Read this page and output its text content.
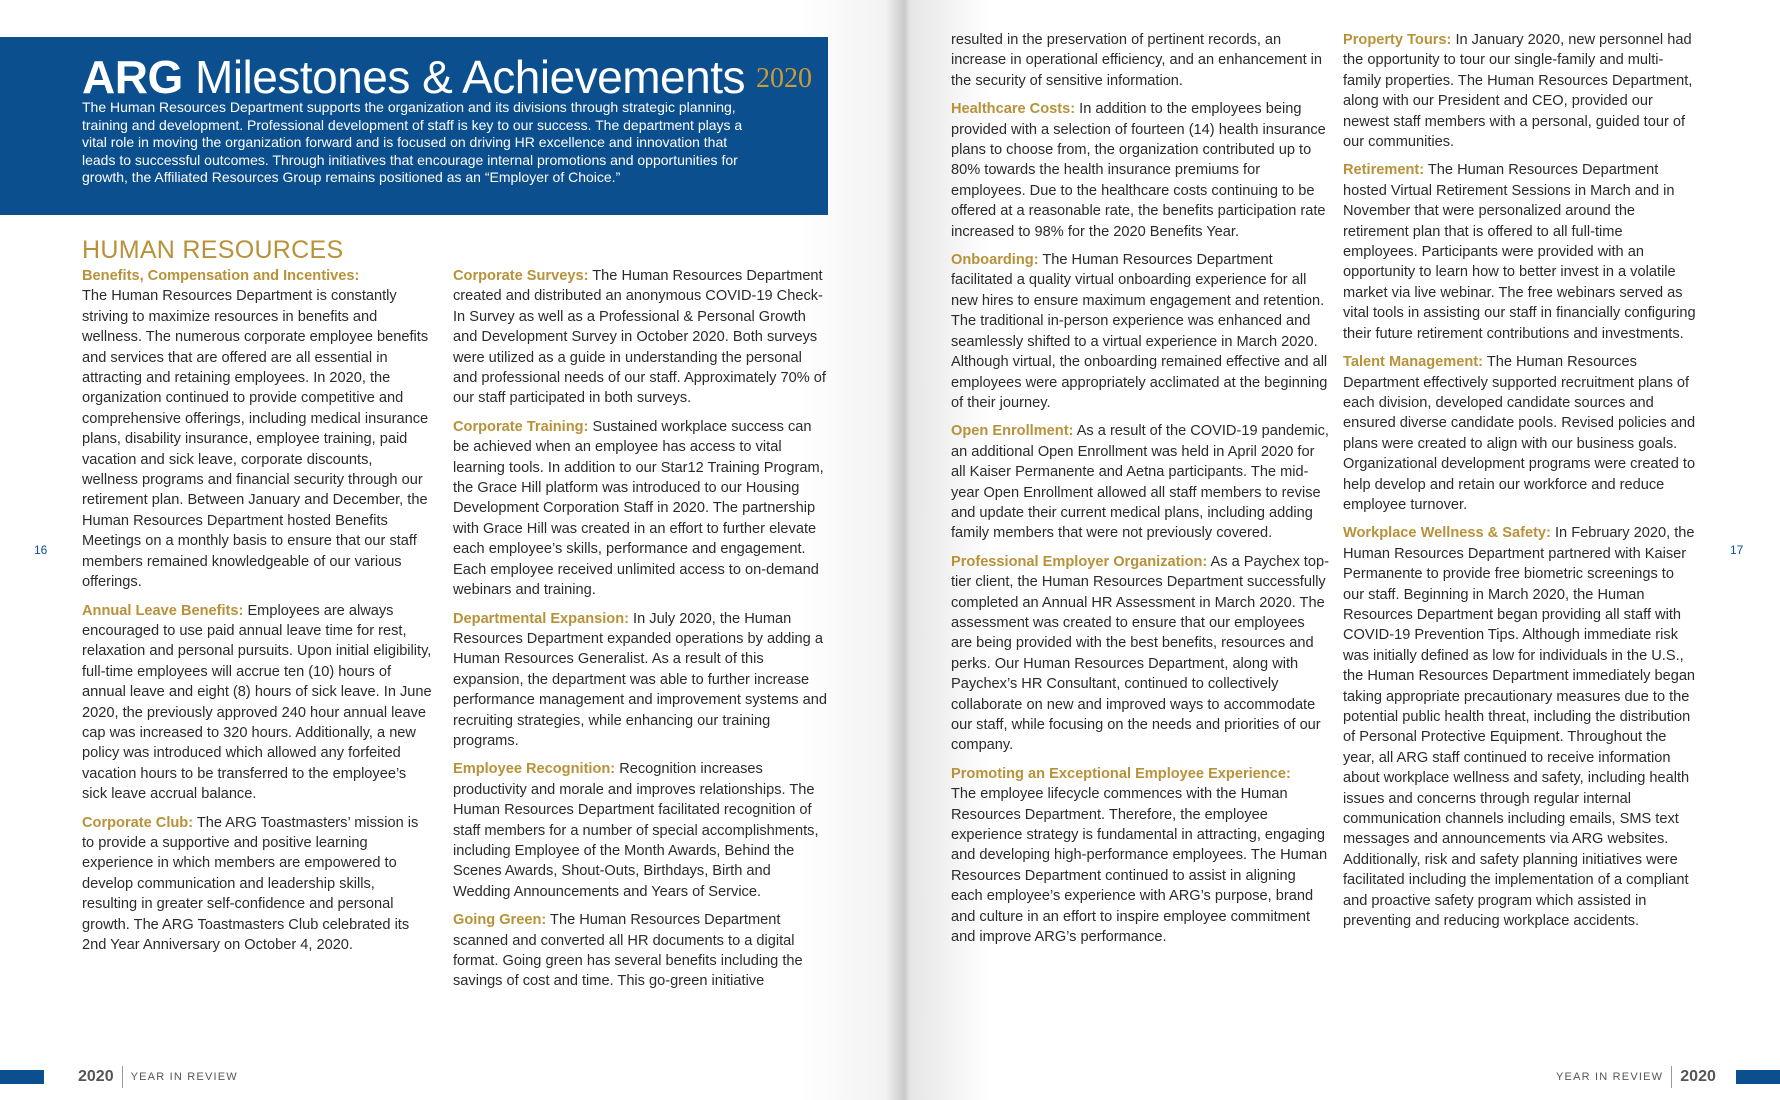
ARG Milestones & Achievements 2020
The Human Resources Department supports the organization and its divisions through strategic planning, training and development. Professional development of staff is key to our success. The department plays a vital role in moving the organization forward and is focused on driving HR excellence and innovation that leads to successful outcomes. Through initiatives that encourage internal promotions and opportunities for growth, the Affiliated Resources Group remains positioned as an “Employer of Choice.”
HUMAN RESOURCES

Benefits, Compensation and Incentives:
The Human Resources Department is constantly striving to maximize resources in benefits and wellness. The numerous corporate employee benefits and services that are offered are all essential in attracting and retaining employees. In 2020, the organization continued to provide competitive and comprehensive offerings, including medical insurance plans, disability insurance, employee training, paid vacation and sick leave, corporate discounts, wellness programs and financial security through our retirement plan. Between January and December, the Human Resources Department hosted Benefits Meetings on a monthly basis to ensure that our staff members remained knowledgeable of our various offerings.

Annual Leave Benefits: Employees are always encouraged to use paid annual leave time for rest, relaxation and personal pursuits. Upon initial eligibility, full-time employees will accrue ten (10) hours of annual leave and eight (8) hours of sick leave. In June 2020, the previously approved 240 hour annual leave cap was increased to 320 hours. Additionally, a new policy was introduced which allowed any forfeited vacation hours to be transferred to the employee’s sick leave accrual balance.

Corporate Club: The ARG Toastmasters’ mission is to provide a supportive and positive learning experience in which members are empowered to develop communication and leadership skills, resulting in greater self-confidence and personal growth. The ARG Toastmasters Club celebrated its 2nd Year Anniversary on October 4, 2020.

Corporate Surveys: The Human Resources Department created and distributed an anonymous COVID-19 Check-In Survey as well as a Professional & Personal Growth and Development Survey in October 2020. Both surveys were utilized as a guide in understanding the personal and professional needs of our staff. Approximately 70% of our staff participated in both surveys.

Corporate Training: Sustained workplace success can be achieved when an employee has access to vital learning tools. In addition to our Star12 Training Program, the Grace Hill platform was introduced to our Housing Development Corporation Staff in 2020. The partnership with Grace Hill was created in an effort to further elevate each employee’s skills, performance and engagement. Each employee received unlimited access to on-demand webinars and training.

Departmental Expansion: In July 2020, the Human Resources Department expanded operations by adding a Human Resources Generalist. As a result of this expansion, the department was able to further increase performance management and improvement systems and recruiting strategies, while enhancing our training programs.

Employee Recognition: Recognition increases productivity and morale and improves relationships. The Human Resources Department facilitated recognition of staff members for a number of special accomplishments, including Employee of the Month Awards, Behind the Scenes Awards, Shout-Outs, Birthdays, Birth and Wedding Announcements and Years of Service.

Going Green: The Human Resources Department scanned and converted all HR documents to a digital format. Going green has several benefits including the savings of cost and time. This go-green initiative

resulted in the preservation of pertinent records, an increase in operational efficiency, and an enhancement in the security of sensitive information.

Healthcare Costs: In addition to the employees being provided with a selection of fourteen (14) health insurance plans to choose from, the organization contributed up to 80% towards the health insurance premiums for employees. Due to the healthcare costs continuing to be offered at a reasonable rate, the benefits participation rate increased to 98% for the 2020 Benefits Year.

Onboarding: The Human Resources Department facilitated a quality virtual onboarding experience for all new hires to ensure maximum engagement and retention. The traditional in-person experience was enhanced and seamlessly shifted to a virtual experience in March 2020. Although virtual, the onboarding remained effective and all employees were appropriately acclimated at the beginning of their journey.

Open Enrollment: As a result of the COVID-19 pandemic, an additional Open Enrollment was held in April 2020 for all Kaiser Permanente and Aetna participants. The mid-year Open Enrollment allowed all staff members to revise and update their current medical plans, including adding family members that were not previously covered.

Professional Employer Organization: As a Paychex top-tier client, the Human Resources Department successfully completed an Annual HR Assessment in March 2020. The assessment was created to ensure that our employees are being provided with the best benefits, resources and perks. Our Human Resources Department, along with Paychex’s HR Consultant, continued to collectively collaborate on new and improved ways to accommodate our staff, while focusing on the needs and priorities of our company.

Promoting an Exceptional Employee Experience:
The employee lifecycle commences with the Human Resources Department. Therefore, the employee experience strategy is fundamental in attracting, engaging and developing high-performance employees. The Human Resources Department continued to assist in aligning each employee’s experience with ARG’s purpose, brand and culture in an effort to inspire employee commitment and improve ARG’s performance.

Property Tours: In January 2020, new personnel had the opportunity to tour our single-family and multi-family properties. The Human Resources Department, along with our President and CEO, provided our newest staff members with a personal, guided tour of our communities.

Retirement: The Human Resources Department hosted Virtual Retirement Sessions in March and in November that were personalized around the retirement plan that is offered to all full-time employees. Participants were provided with an opportunity to learn how to better invest in a volatile market via live webinar. The free webinars served as vital tools in assisting our staff in financially configuring their future retirement contributions and investments.

Talent Management: The Human Resources Department effectively supported recruitment plans of each division, developed candidate sources and ensured diverse candidate pools. Revised policies and plans were created to align with our business goals. Organizational development programs were created to help develop and retain our workforce and reduce employee turnover.

Workplace Wellness & Safety: In February 2020, the Human Resources Department partnered with Kaiser Permanente to provide free biometric screenings to our staff. Beginning in March 2020, the Human Resources Department began providing all staff with COVID-19 Prevention Tips. Although immediate risk was initially defined as low for individuals in the U.S., the Human Resources Department immediately began taking appropriate precautionary measures due to the potential public health threat, including the distribution of Personal Protective Equipment. Throughout the year, all ARG staff continued to receive information about workplace wellness and safety, including health issues and concerns through regular internal communication channels including emails, SMS text messages and announcements via ARG websites. Additionally, risk and safety planning initiatives were facilitated including the implementation of a compliant and proactive safety program which assisted in preventing and reducing workplace accidents.

16	17
2020 YEAR IN REVIEW	YEAR IN REVIEW 2020
